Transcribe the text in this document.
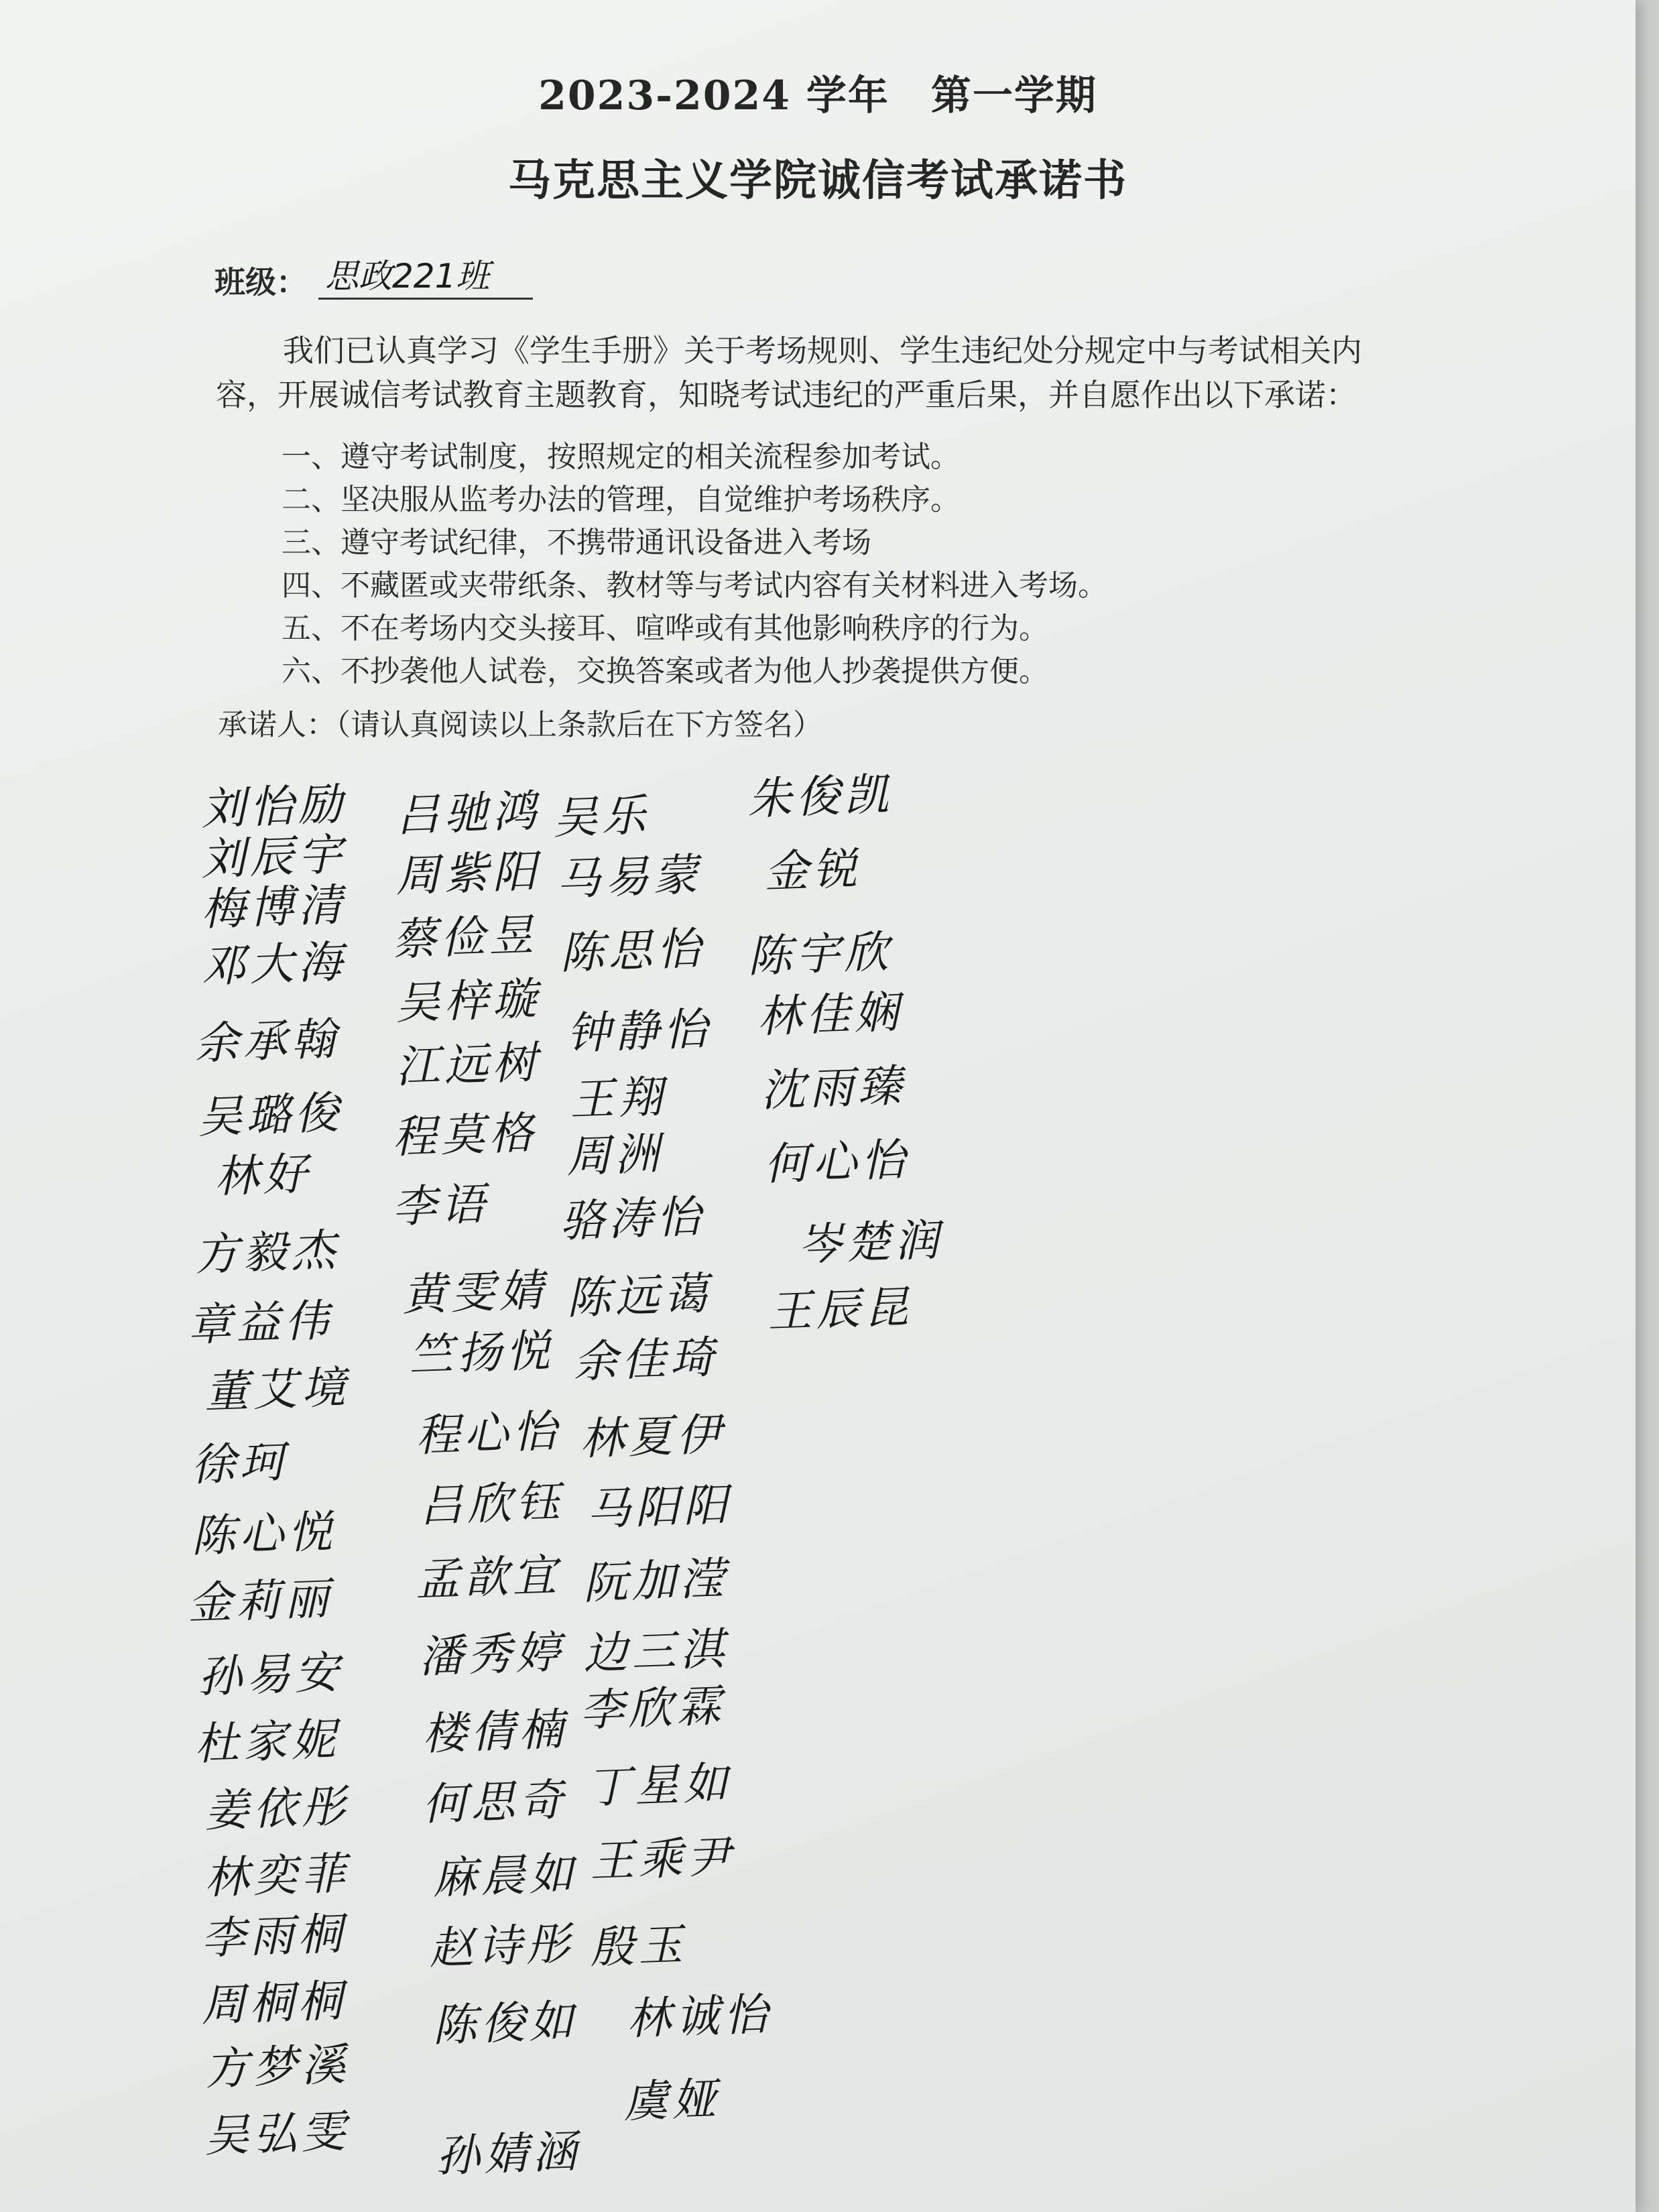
2023-2024 学年　第一学期
马克思主义学院诚信考试承诺书
班级： 思政221班

我们已认真学习《学生手册》关于考场规则、学生违纪处分规定中与考试相关内容，开展诚信考试教育主题教育，知晓考试违纪的严重后果，并自愿作出以下承诺：

一、遵守考试制度，按照规定的相关流程参加考试。
二、坚决服从监考办法的管理，自觉维护考场秩序。
三、遵守考试纪律，不携带通讯设备进入考场
四、不藏匿或夹带纸条、教材等与考试内容有关材料进入考场。
五、不在考场内交头接耳、喧哗或有其他影响秩序的行为。
六、不抄袭他人试卷，交换答案或者为他人抄袭提供方便。
承诺人：（请认真阅读以上条款后在下方签名）
刘怡励
刘辰宇
梅博清
邓大海
余承翰
吴璐俊
林好
方毅杰
章益伟
董艾境
徐珂
陈心悦
金莉丽
孙易安
杜家妮
姜依彤
林奕菲
李雨桐
周桐桐
方梦溪
吴弘雯
吕驰鸿
周紫阳
蔡俭昱
吴梓璇
江远树
程莫格
李语
黄雯婧
竺扬悦
程心怡
吕欣钰
孟歆宜
潘秀婷
楼倩楠
何思奇
麻晨如
赵诗彤
陈俊如
孙婧涵
吴乐
马易蒙
陈思怡
钟静怡
王翔
周洲
骆涛怡
陈远蔼
余佳琦
林夏伊
马阳阳
阮加滢
边三淇
李欣霖
丁星如
王乘尹
殷玉
林诚怡
虞娅
朱俊凯
金锐
陈宇欣
林佳娴
沈雨臻
何心怡
岑楚润
王辰昆
